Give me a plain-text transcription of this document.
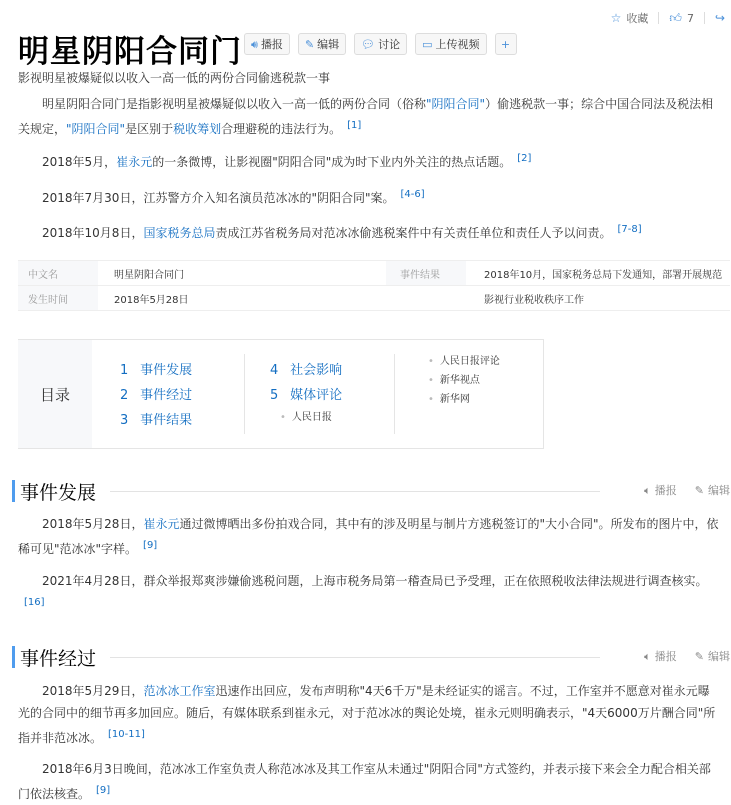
☆ 收藏 👍︎ 7 ↪
明星阴阳合同门 🔊︎ 播报 ✎ 编辑 💬︎ 讨论 ▭ 上传视频 +
影视明星被爆疑似以收入一高一低的两份合同偷逃税款一事
明星阴阳合同门是指影视明星被爆疑似以收入一高一低的两份合同（俗称"阴阳合同"）偷逃税款一事；综合中国合同法及税法相关规定，"阴阳合同"是区别于税收筹划合理避税的违法行为。 [1]
2018年5月，崔永元的一条微博，让影视圈"阴阳合同"成为时下业内外关注的热点话题。 [2]
2018年7月30日，江苏警方介入知名演员范冰冰的"阴阳合同"案。 [4-6]
2018年10月8日，国家税务总局责成江苏省税务局对范冰冰偷逃税案件中有关责任单位和责任人予以问责。 [7-8]
中文名	明星阴阳合同门	事件结果	2018年10月，国家税务总局下发通知，部署开展规范
发生时间	2018年5月28日	影视行业税收秩序工作
目录
1 事件发展
2 事件经过
3 事件结果
4 社会影响
5 媒体评论
• 人民日报
• 人民日报评论
• 新华视点
• 新华网
事件发展	🔈︎ 播报 ✎ 编辑
2018年5月28日，崔永元通过微博晒出多份拍戏合同，其中有的涉及明星与制片方逃税签订的"大小合同"。所发布的图片中，依稀可见"范冰冰"字样。 [9]
2021年4月28日，群众举报郑爽涉嫌偷逃税问题，上海市税务局第一稽查局已予受理，正在依照税收法律法规进行调查核实。[16]
事件经过	🔈︎ 播报 ✎ 编辑
2018年5月29日，范冰冰工作室迅速作出回应，发布声明称"4天6千万"是未经证实的谣言。不过，工作室并不愿意对崔永元曝光的合同中的细节再多加回应。随后，有媒体联系到崔永元，对于范冰冰的舆论处境，崔永元则明确表示，"4天6000万片酬合同"所指并非范冰冰。 [10-11]
2018年6月3日晚间，范冰冰工作室负责人称范冰冰及其工作室从未通过"阴阳合同"方式签约，并表示接下来会全力配合相关部门依法核查。 [9]
